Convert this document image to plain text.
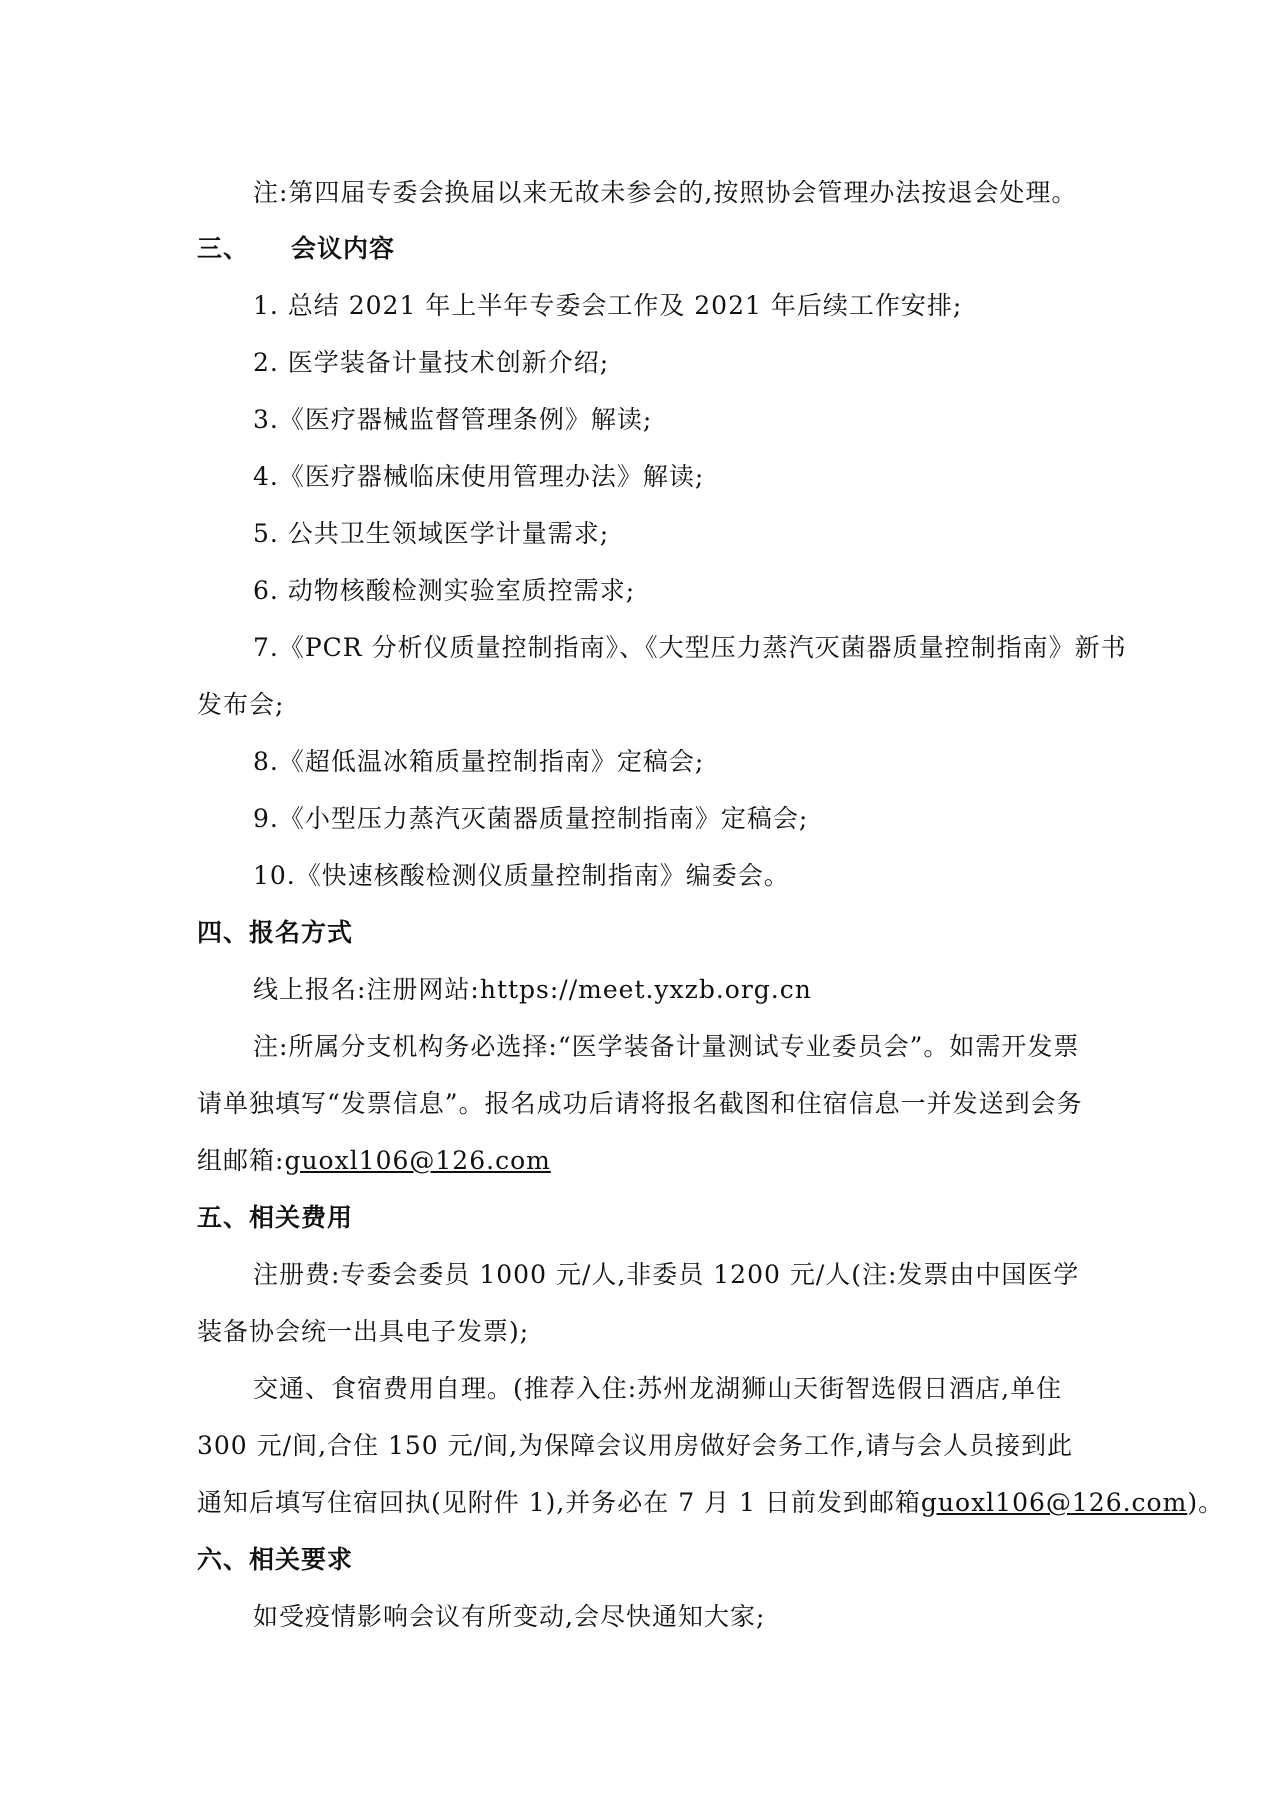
注:第四届专委会换届以来无故未参会的,按照协会管理办法按退会处理。
三、 会议内容
1. 总结 2021 年上半年专委会工作及 2021 年后续工作安排;
2. 医学装备计量技术创新介绍;
3.《医疗器械监督管理条例》解读;
4.《医疗器械临床使用管理办法》解读;
5. 公共卫生领域医学计量需求;
6. 动物核酸检测实验室质控需求;
7.《PCR 分析仪质量控制指南》、《大型压力蒸汽灭菌器质量控制指南》新书
发布会;
8.《超低温冰箱质量控制指南》定稿会;
9.《小型压力蒸汽灭菌器质量控制指南》定稿会;
10.《快速核酸检测仪质量控制指南》编委会。
四、报名方式
线上报名:注册网站:https://meet.yxzb.org.cn
注:所属分支机构务必选择:“医学装备计量测试专业委员会”。如需开发票
请单独填写“发票信息”。报名成功后请将报名截图和住宿信息一并发送到会务
组邮箱:guoxl106@126.com
五、相关费用
注册费:专委会委员 1000 元/人,非委员 1200 元/人(注:发票由中国医学
装备协会统一出具电子发票);
交通、食宿费用自理。(推荐入住:苏州龙湖狮山天街智选假日酒店,单住
300 元/间,合住 150 元/间,为保障会议用房做好会务工作,请与会人员接到此
通知后填写住宿回执(见附件 1),并务必在 7 月 1 日前发到邮箱guoxl106@126.com)。
六、相关要求
如受疫情影响会议有所变动,会尽快通知大家;
